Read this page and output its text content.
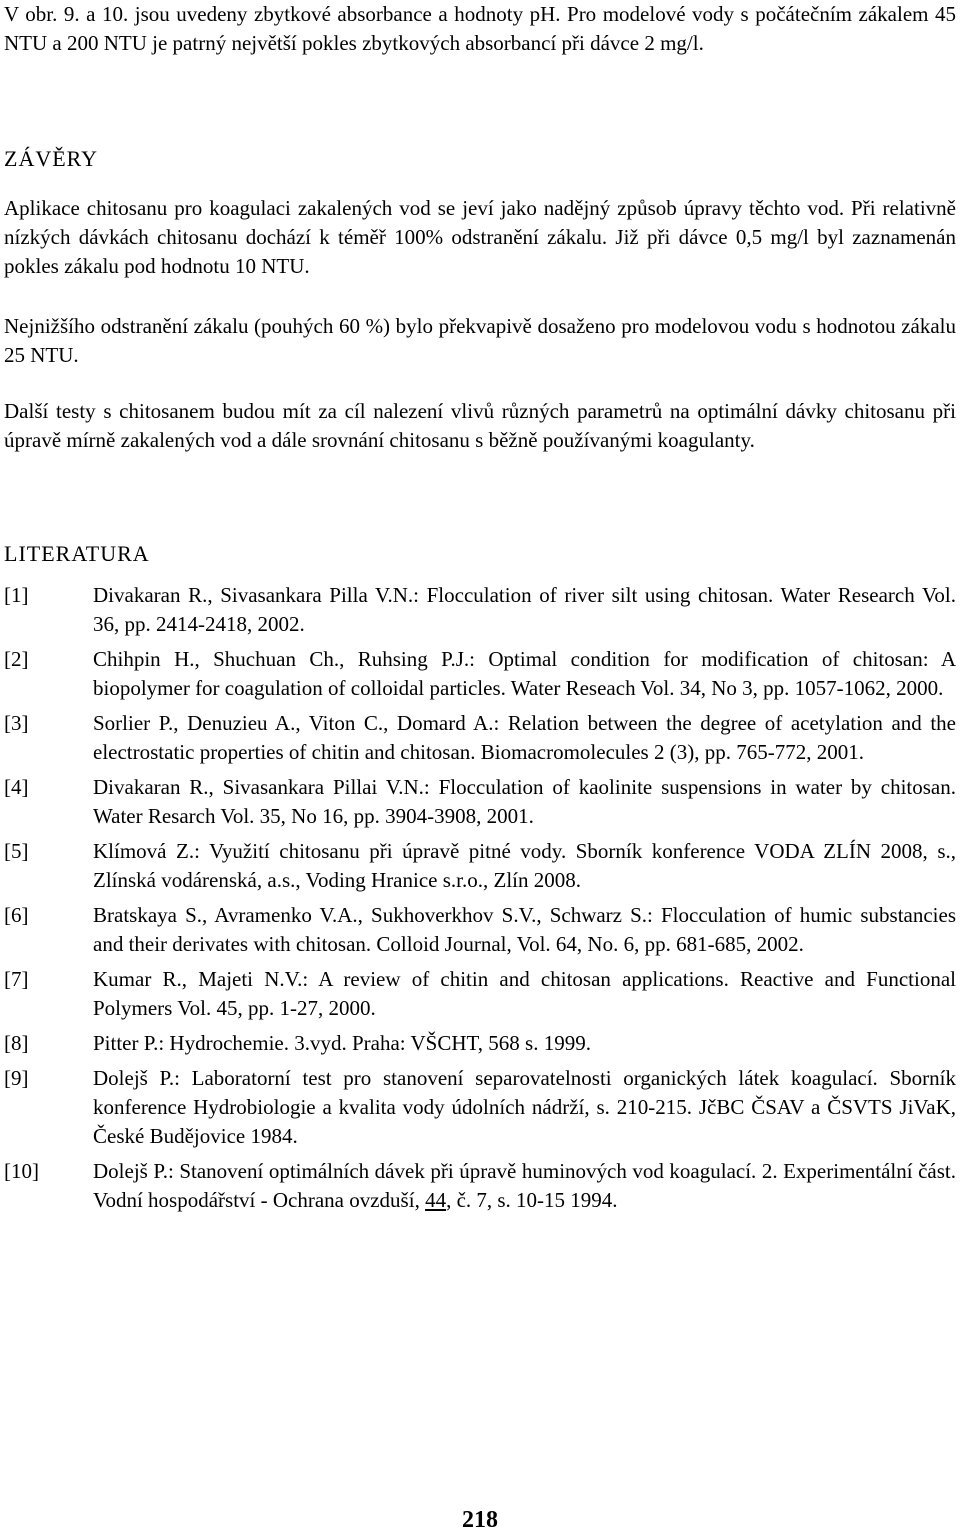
V obr. 9. a 10. jsou uvedeny zbytkové absorbance a hodnoty pH. Pro modelové vody s počátečním zákalem 45 NTU a 200 NTU je patrný největší pokles zbytkových absorbancí při dávce 2 mg/l.

ZÁVĚRY

Aplikace chitosanu pro koagulaci zakalených vod se jeví jako nadějný způsob úpravy těchto vod. Při relativně nízkých dávkách chitosanu dochází k téměř 100% odstranění zákalu. Již při dávce 0,5 mg/l byl zaznamenán pokles zákalu pod hodnotu 10 NTU.

Nejnižšího odstranění zákalu (pouhých 60 %) bylo překvapivě dosaženo pro modelovou vodu s hodnotou zákalu 25 NTU.

Další testy s chitosanem budou mít za cíl nalezení vlivů různých parametrů na optimální dávky chitosanu při úpravě mírně zakalených vod a dále srovnání chitosanu s běžně používanými koagulanty.

LITERATURA
[1]	Divakaran R., Sivasankara Pilla V.N.: Flocculation of river silt using chitosan. Water Research Vol. 36, pp. 2414-2418, 2002.
[2]	Chihpin H., Shuchuan Ch., Ruhsing P.J.: Optimal condition for modification of chitosan: A biopolymer for coagulation of colloidal particles. Water Reseach Vol. 34, No 3, pp. 1057-1062, 2000.
[3]	Sorlier P., Denuzieu A., Viton C., Domard A.: Relation between the degree of acetylation and the electrostatic properties of chitin and chitosan. Biomacromolecules 2 (3), pp. 765-772, 2001.
[4]	Divakaran R., Sivasankara Pillai V.N.: Flocculation of kaolinite suspensions in water by chitosan. Water Resarch Vol. 35, No 16, pp. 3904-3908, 2001.
[5]	Klímová Z.: Využití chitosanu při úpravě pitné vody. Sborník konference VODA ZLÍN 2008, s., Zlínská vodárenská, a.s., Voding Hranice s.r.o., Zlín 2008.
[6]	Bratskaya S., Avramenko V.A., Sukhoverkhov S.V., Schwarz S.: Flocculation of humic substancies and their derivates with chitosan. Colloid Journal, Vol. 64, No. 6, pp. 681-685, 2002.
[7]	Kumar R., Majeti N.V.: A review of chitin and chitosan applications. Reactive and Functional Polymers Vol. 45, pp. 1-27, 2000.
[8]	Pitter P.: Hydrochemie. 3.vyd. Praha: VŠCHT, 568 s. 1999.
[9]	Dolejš P.: Laboratorní test pro stanovení separovatelnosti organických látek koagulací. Sborník konference Hydrobiologie a kvalita vody údolních nádrží, s. 210-215. JčBC ČSAV a ČSVTS JiVaK, České Budějovice 1984.
[10]	Dolejš P.: Stanovení optimálních dávek při úpravě huminových vod koagulací. 2. Experimentální část. Vodní hospodářství - Ochrana ovzduší, 44, č. 7, s. 10-15 1994.
218
